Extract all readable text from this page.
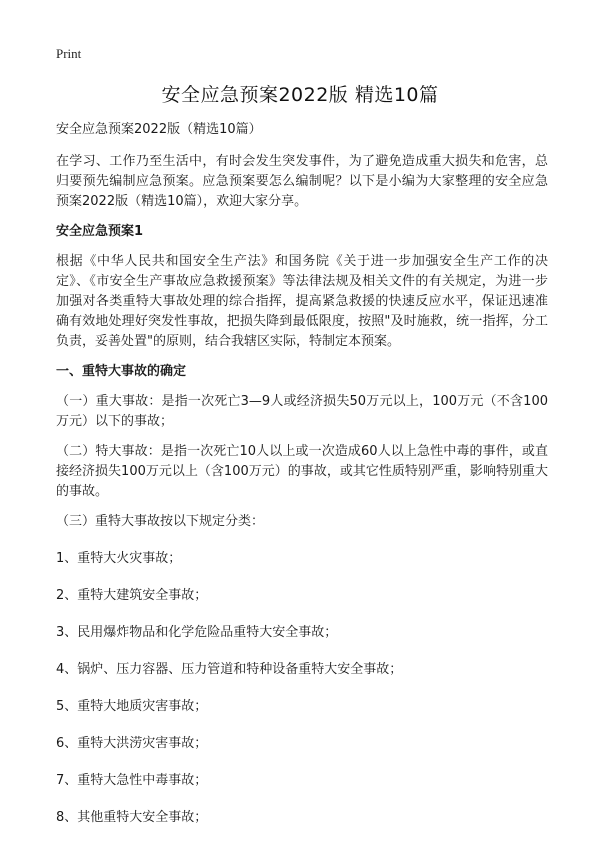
Print
安全应急预案2022版 精选10篇

安全应急预案2022版（精选10篇）

在学习、工作乃至生活中，有时会发生突发事件，为了避免造成重大损失和危害，总归要预先编制应急预案。应急预案要怎么编制呢？以下是小编为大家整理的安全应急预案2022版（精选10篇），欢迎大家分享。

安全应急预案1

根据《中华人民共和国安全生产法》和国务院《关于进一步加强安全生产工作的决定》、《市安全生产事故应急救援预案》等法律法规及相关文件的有关规定，为进一步加强对各类重特大事故处理的综合指挥，提高紧急救援的快速反应水平，保证迅速准确有效地处理好突发性事故，把损失降到最低限度，按照"及时施救，统一指挥，分工负责，妥善处置"的原则，结合我辖区实际，特制定本预案。

一、重特大事故的确定

（一）重大事故：是指一次死亡3—9人或经济损失50万元以上，100万元（不含100万元）以下的事故；

（二）特大事故：是指一次死亡10人以上或一次造成60人以上急性中毒的事件，或直接经济损失100万元以上（含100万元）的事故，或其它性质特别严重，影响特别重大的事故。

（三）重特大事故按以下规定分类：

1、重特大火灾事故；

2、重特大建筑安全事故；

3、民用爆炸物品和化学危险品重特大安全事故；

4、锅炉、压力容器、压力管道和特种设备重特大安全事故；

5、重特大地质灾害事故；

6、重特大洪涝灾害事故；

7、重特大急性中毒事故；

8、其他重特大安全事故；
